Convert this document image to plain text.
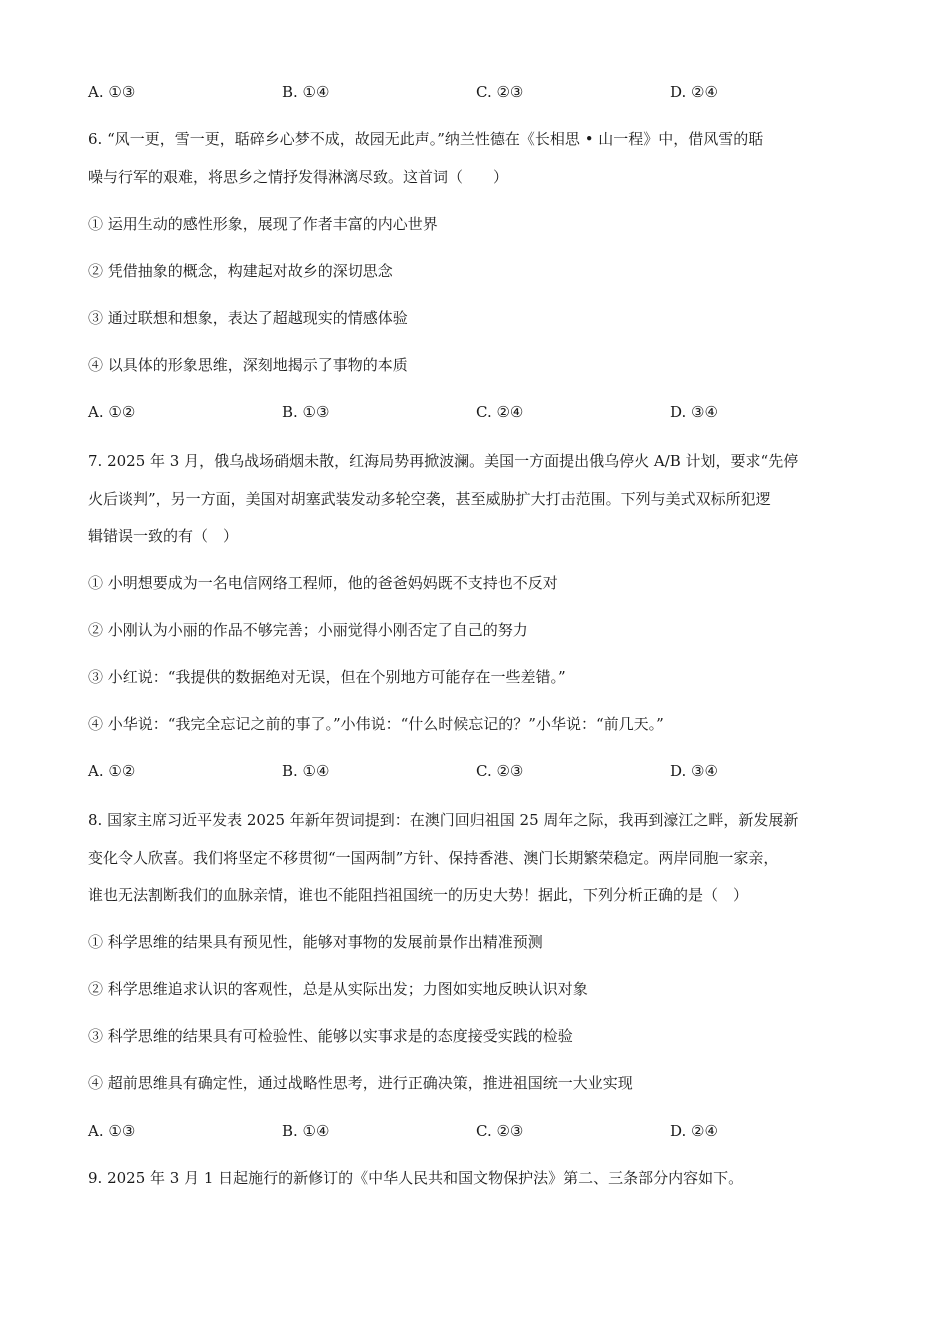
A. ①③	B. ①④	C. ②③	D. ②④
6. “风一更，雪一更，聒碎乡心梦不成，故园无此声。”纳兰性德在《长相思 • 山一程》中，借风雪的聒
噪与行军的艰难，将思乡之情抒发得淋漓尽致。这首词（　　）
① 运用生动的感性形象，展现了作者丰富的内心世界
② 凭借抽象的概念，构建起对故乡的深切思念
③ 通过联想和想象，表达了超越现实的情感体验
④ 以具体的形象思维，深刻地揭示了事物的本质
A. ①②	B. ①③	C. ②④	D. ③④
7. 2025 年 3 月，俄乌战场硝烟未散，红海局势再掀波澜。美国一方面提出俄乌停火 A/B 计划，要求“先停
火后谈判”，另一方面，美国对胡塞武装发动多轮空袭，甚至威胁扩大打击范围。下列与美式双标所犯逻
辑错误一致的有（　）
① 小明想要成为一名电信网络工程师，他的爸爸妈妈既不支持也不反对
② 小刚认为小丽的作品不够完善；小丽觉得小刚否定了自己的努力
③ 小红说：“我提供的数据绝对无误，但在个别地方可能存在一些差错。”
④ 小华说：“我完全忘记之前的事了。”小伟说：“什么时候忘记的？”小华说：“前几天。”
A. ①②	B. ①④	C. ②③	D. ③④
8. 国家主席习近平发表 2025 年新年贺词提到：在澳门回归祖国 25 周年之际，我再到濠江之畔，新发展新
变化令人欣喜。我们将坚定不移贯彻“一国两制”方针、保持香港、澳门长期繁荣稳定。两岸同胞一家亲，
谁也无法割断我们的血脉亲情，谁也不能阻挡祖国统一的历史大势！据此，下列分析正确的是（　）
① 科学思维的结果具有预见性，能够对事物的发展前景作出精准预测
② 科学思维追求认识的客观性，总是从实际出发；力图如实地反映认识对象
③ 科学思维的结果具有可检验性、能够以实事求是的态度接受实践的检验
④ 超前思维具有确定性，通过战略性思考，进行正确决策，推进祖国统一大业实现
A. ①③	B. ①④	C. ②③	D. ②④
9. 2025 年 3 月 1 日起施行的新修订的《中华人民共和国文物保护法》第二、三条部分内容如下。
